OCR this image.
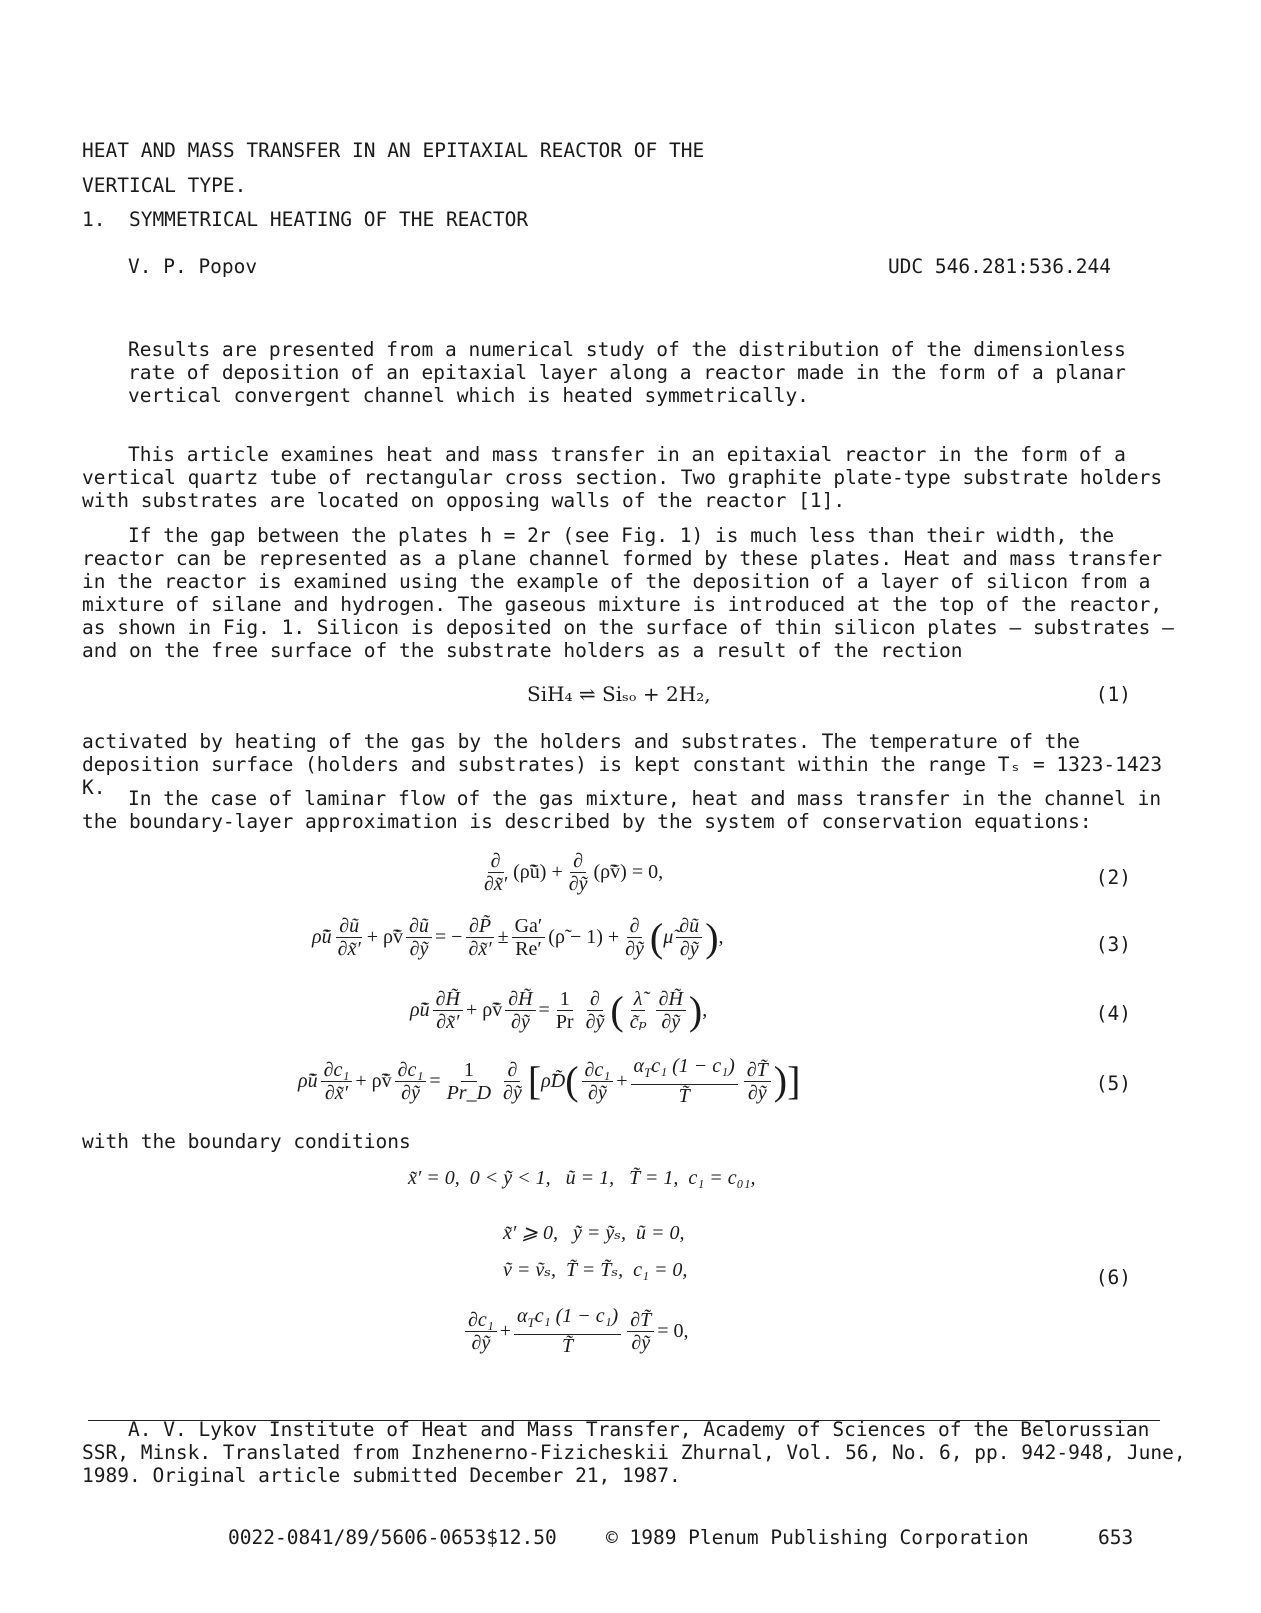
HEAT AND MASS TRANSFER IN AN EPITAXIAL REACTOR OF THE
VERTICAL TYPE.
1.  SYMMETRICAL HEATING OF THE REACTOR
V. P. Popov	UDC 546.281:536.244

Results are presented from a numerical study of the distribution of the dimensionless rate of deposition of an epitaxial layer along a reactor made in the form of a planar vertical convergent channel which is heated symmetrically.

This article examines heat and mass transfer in an epitaxial reactor in the form of a vertical quartz tube of rectangular cross section. Two graphite plate-type substrate holders with substrates are located on opposing walls of the reactor [1].

If the gap between the plates h = 2r (see Fig. 1) is much less than their width, the reactor can be represented as a plane channel formed by these plates. Heat and mass transfer in the reactor is examined using the example of the deposition of a layer of silicon from a mixture of silane and hydrogen. The gaseous mixture is introduced at the top of the reactor, as shown in Fig. 1. Silicon is deposited on the surface of thin silicon plates — substrates — and on the free surface of the substrate holders as a result of the rection

SiH₄ ⇌ Siₛₒ + 2H₂,	(1)

activated by heating of the gas by the holders and substrates. The temperature of the deposition surface (holders and substrates) is kept constant within the range Tₛ = 1323-1423 K.	In the case of laminar flow of the gas mixture, heat and mass transfer in the channel in the boundary-layer approximation is described by the system of conservation equations:

$\frac{\partial}{\partial x̃'}$ (ρ̃ũ) + $\frac{\partial}{\text{∂ỹ}}$ (ρ̃ṽ) = 0,	(2)
ρ̃ũ $\frac{\partial ũ}{\partial x̃'}$ + ρ̃ṽ $\frac{\partial ũ}{\text{∂ỹ}}$ = − $\frac{\partial P̃}{\partial x̃'} \pm \frac{Ga'}{Re'}$ (ρ̃ − $1) + \frac{\partial}{\text{∂ỹ}}$ ( μ̃ $\frac{\partial ũ}{\text{∂ỹ}}$ ) ,	(3)
ρ̃ũ $\frac{\partial H̃}{\partial x̃'}$ + ρ̃ṽ $\frac{\partial H̃}{\text{∂ỹ}} = \frac{1}{Pr} \frac{\partial}{\text{∂ỹ}}$ ( $\frac{\lambdã}{\text{c̃ₚ}} \frac{\partial H̃}{\text{∂ỹ}}$ ) ,	(4)
ρ̃ũ $\frac{\text{∂c₁}}{\partial x̃'}$ + ρ̃ṽ $\frac{\text{∂c₁}}{\text{∂ỹ}} = \frac{1}{Pr\_D} \frac{\partial}{\text{∂ỹ}}$ [ ρ̃D̃ ( $\frac{\text{∂c₁}}{\text{∂ỹ}} + \frac{\alpha_Tc_1 (1 - c_1)}{T̃} \frac{\partial T̃}{\text{∂ỹ}}$ )]	(5)

with the boundary conditions

x̃′ = 0,  0 < ỹ < 1,   ũ = 1,   T̃ = 1,  c₁ = c₀₁,
x̃′ ⩾ 0,   ỹ = ỹₛ,  ũ = 0,
ṽ = ṽₛ,  T̃ = T̃ₛ,  c₁ = 0,	(6)
$\frac{\text{∂c₁}}{\text{∂ỹ}} + \frac{\alpha_Tc_1 (1 - c_1)}{T̃} \frac{\partial T̃}{\text{∂ỹ}} = 0$,

A. V. Lykov Institute of Heat and Mass Transfer, Academy of Sciences of the Belorussian SSR, Minsk. Translated from Inzhenerno-Fizicheskii Zhurnal, Vol. 56, No. 6, pp. 942-948, June, 1989. Original article submitted December 21, 1987.

0022-0841/89/5606-0653$12.50	© 1989 Plenum Publishing Corporation	653
